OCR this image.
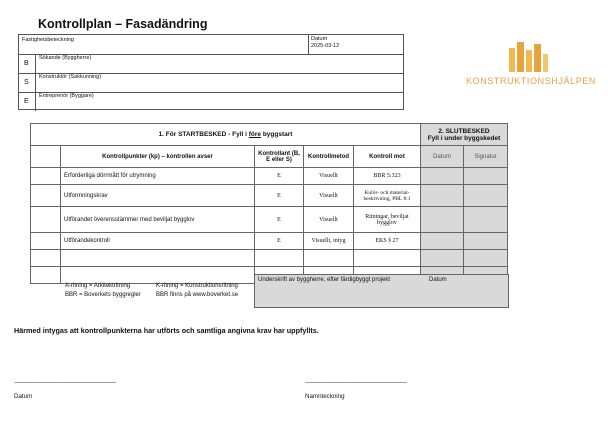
Kontrollplan – Fasadändring
Fastighetsbeteckning	Datum
2025-03-12
B
Sökande (Byggherre)
S
Konstruktör (Sakkunning)
E
Entreprenör (Byggare)
KONSTRUKTIONSHJÄLPEN
1. För STARTBESKED - Fyll i före byggstart					2. SLUTBESKED
Fyll i under byggskedet	

	Kontrollpunkter (kp) – kontrollen avser	Kontrollant (B, E eller S)	Kontrollmetod	Kontroll mot	Datum	Signatur
	Erforderliga dörrmått för utrymning	E	Visuellt	BBR 5:323		
	Utformningskrav	E	Visuellt	Kulör- och material-beskrivning, PBL 8:1		
	Utförandet överensstämmer med beviljat bygglov	E	Visuellt	Ritningar, beviljat bygglov		
	Utförandekontroll	E	Visuellt, intyg	EKS § 27		

A-ritning = Arkitektritning	K-ritning = Konstruktionsritning
BBR = Boverkets byggregler	BBR finns på www.boverket.se
Underskrift av byggherre, efter färdigbyggt projekt	Datum
Härmed intygas att kontrollpunkterna har utförts och samtliga angivna krav har uppfyllts.
--------------------------------------------------------------------
Datum
--------------------------------------------------------------------
Namnteckning
